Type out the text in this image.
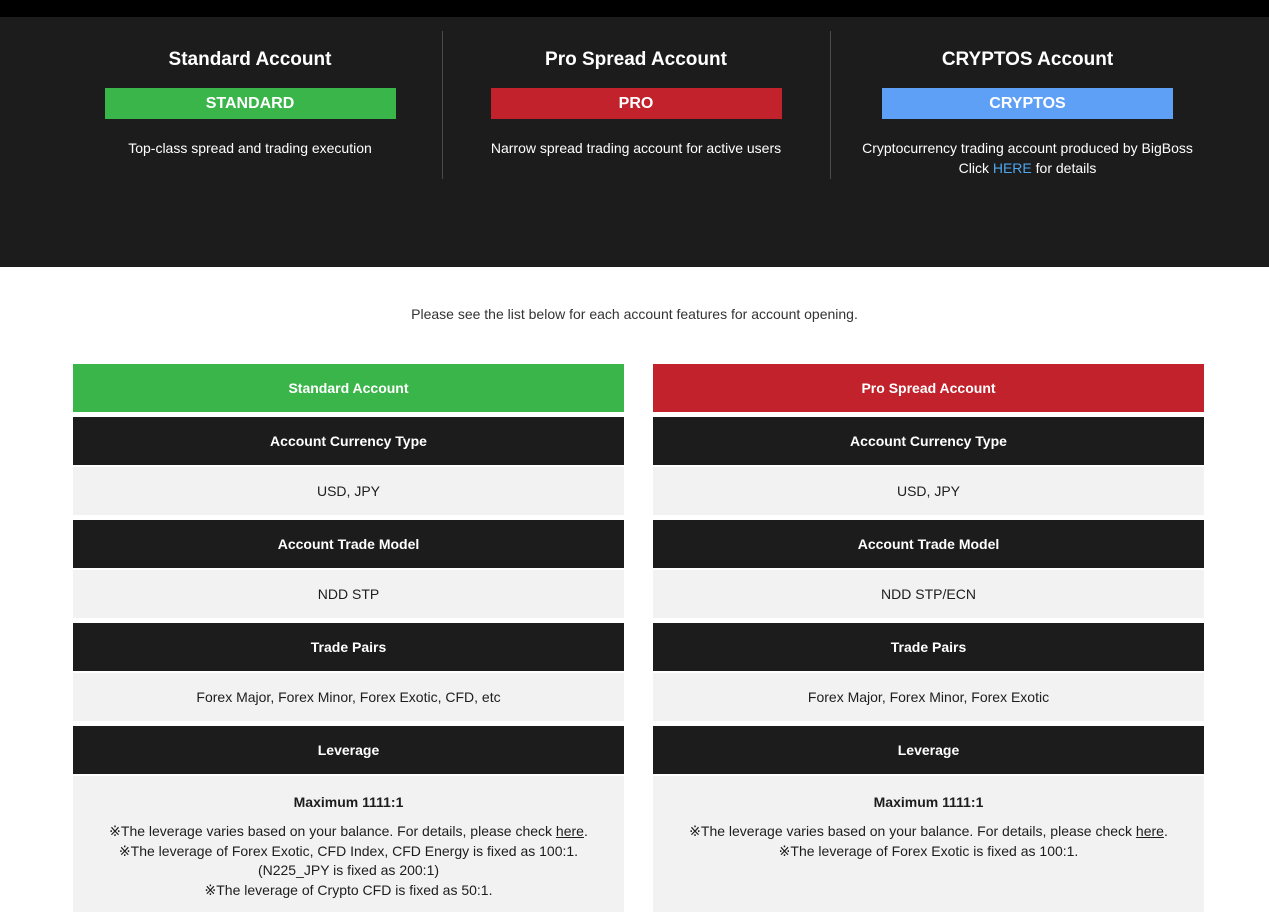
Standard Account
STANDARD
Top-class spread and trading execution
Pro Spread Account
PRO
Narrow spread trading account for active users
CRYPTOS Account
CRYPTOS
Cryptocurrency trading account produced by BigBoss
Click HERE for details
Please see the list below for each account features for account opening.
Standard Account
Account Currency Type
USD, JPY
Account Trade Model
NDD STP
Trade Pairs
Forex Major, Forex Minor, Forex Exotic, CFD, etc
Leverage
Maximum 1111:1
※The leverage varies based on your balance. For details, please check here.
※The leverage of Forex Exotic, CFD Index, CFD Energy is fixed as 100:1.
(N225_JPY is fixed as 200:1)
※The leverage of Crypto CFD is fixed as 50:1.
Pro Spread Account
Account Currency Type
USD, JPY
Account Trade Model
NDD STP/ECN
Trade Pairs
Forex Major, Forex Minor, Forex Exotic
Leverage
Maximum 1111:1
※The leverage varies based on your balance. For details, please check here.
※The leverage of Forex Exotic is fixed as 100:1.
